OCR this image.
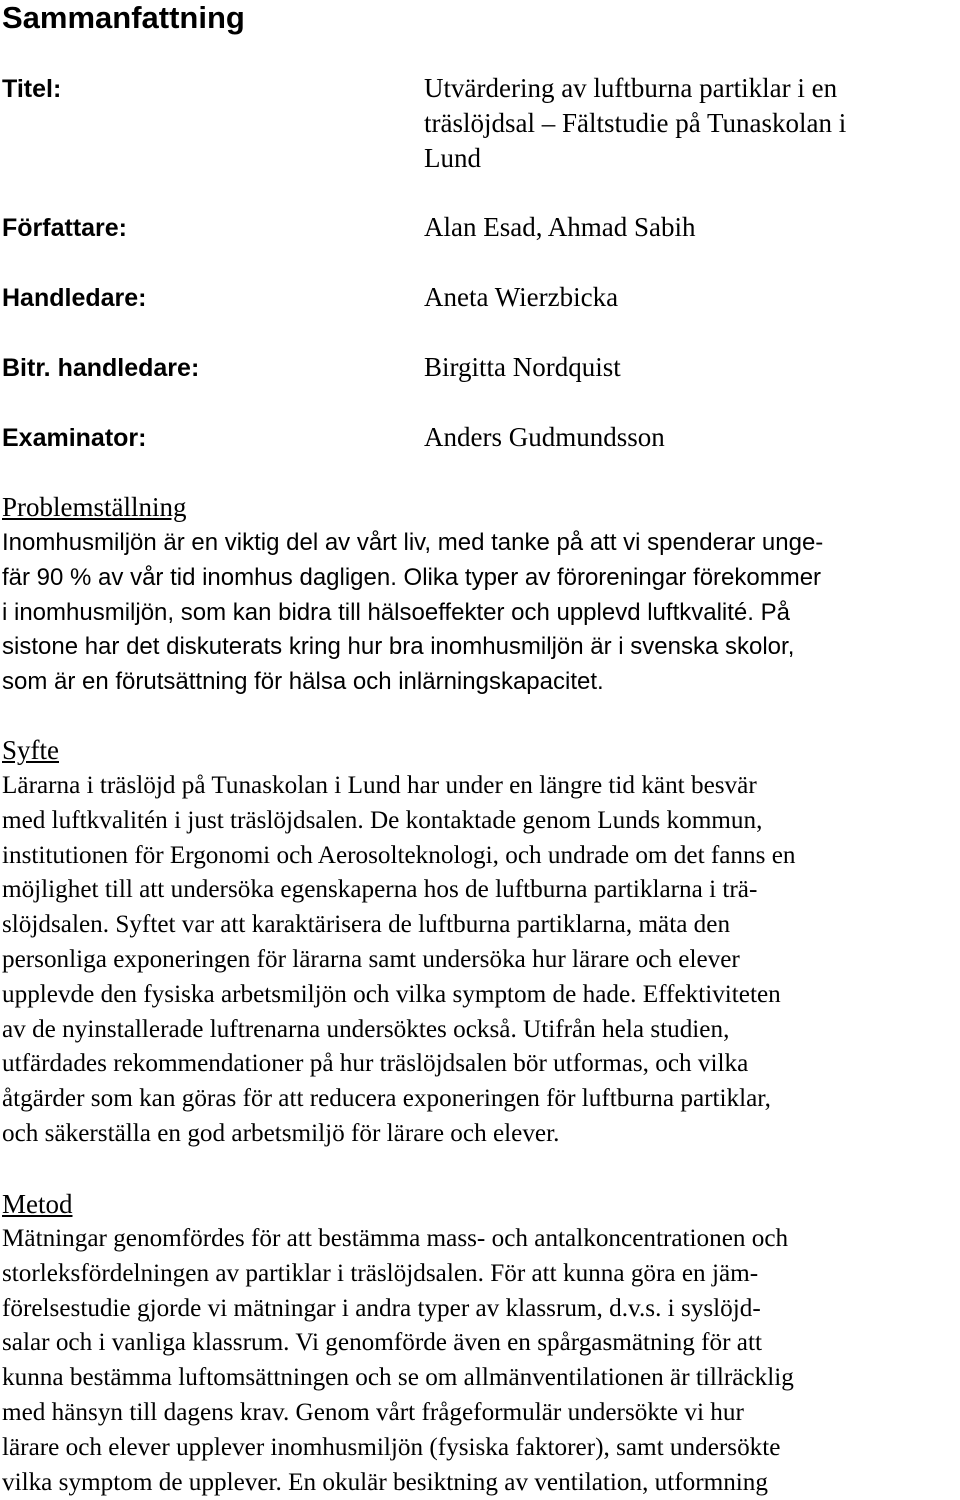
Sammanfattning
Titel:	Utvärdering av luftburna partiklar i en
träslöjdsal – Fältstudie på Tunaskolan i
Lund
Författare:	Alan Esad, Ahmad Sabih
Handledare:	Aneta Wierzbicka
Bitr. handledare:	Birgitta Nordquist
Examinator:	Anders Gudmundsson
Problemställning
Inomhusmiljön är en viktig del av vårt liv, med tanke på att vi spenderar unge-
fär 90 % av vår tid inomhus dagligen. Olika typer av föroreningar förekommer
i inomhusmiljön, som kan bidra till hälsoeffekter och upplevd luftkvalité. På
sistone har det diskuterats kring hur bra inomhusmiljön är i svenska skolor,
som är en förutsättning för hälsa och inlärningskapacitet.
Syfte
Lärarna i träslöjd på Tunaskolan i Lund har under en längre tid känt besvär
med luftkvalitén i just träslöjdsalen. De kontaktade genom Lunds kommun,
institutionen för Ergonomi och Aerosolteknologi, och undrade om det fanns en
möjlighet till att undersöka egenskaperna hos de luftburna partiklarna i trä-
slöjdsalen. Syftet var att karaktärisera de luftburna partiklarna, mäta den
personliga exponeringen för lärarna samt undersöka hur lärare och elever
upplevde den fysiska arbetsmiljön och vilka symptom de hade. Effektiviteten
av de nyinstallerade luftrenarna undersöktes också. Utifrån hela studien,
utfärdades rekommendationer på hur träslöjdsalen bör utformas, och vilka
åtgärder som kan göras för att reducera exponeringen för luftburna partiklar,
och säkerställa en god arbetsmiljö för lärare och elever.
Metod
Mätningar genomfördes för att bestämma mass- och antalkoncentrationen och
storleksfördelningen av partiklar i träslöjdsalen. För att kunna göra en jäm-
förelsestudie gjorde vi mätningar i andra typer av klassrum, d.v.s. i syslöjd-
salar och i vanliga klassrum. Vi genomförde även en spårgasmätning för att
kunna bestämma luftomsättningen och se om allmänventilationen är tillräcklig
med hänsyn till dagens krav. Genom vårt frågeformulär undersökte vi hur
lärare och elever upplever inomhusmiljön (fysiska faktorer), samt undersökte
vilka symptom de upplever. En okulär besiktning av ventilation, utformning
